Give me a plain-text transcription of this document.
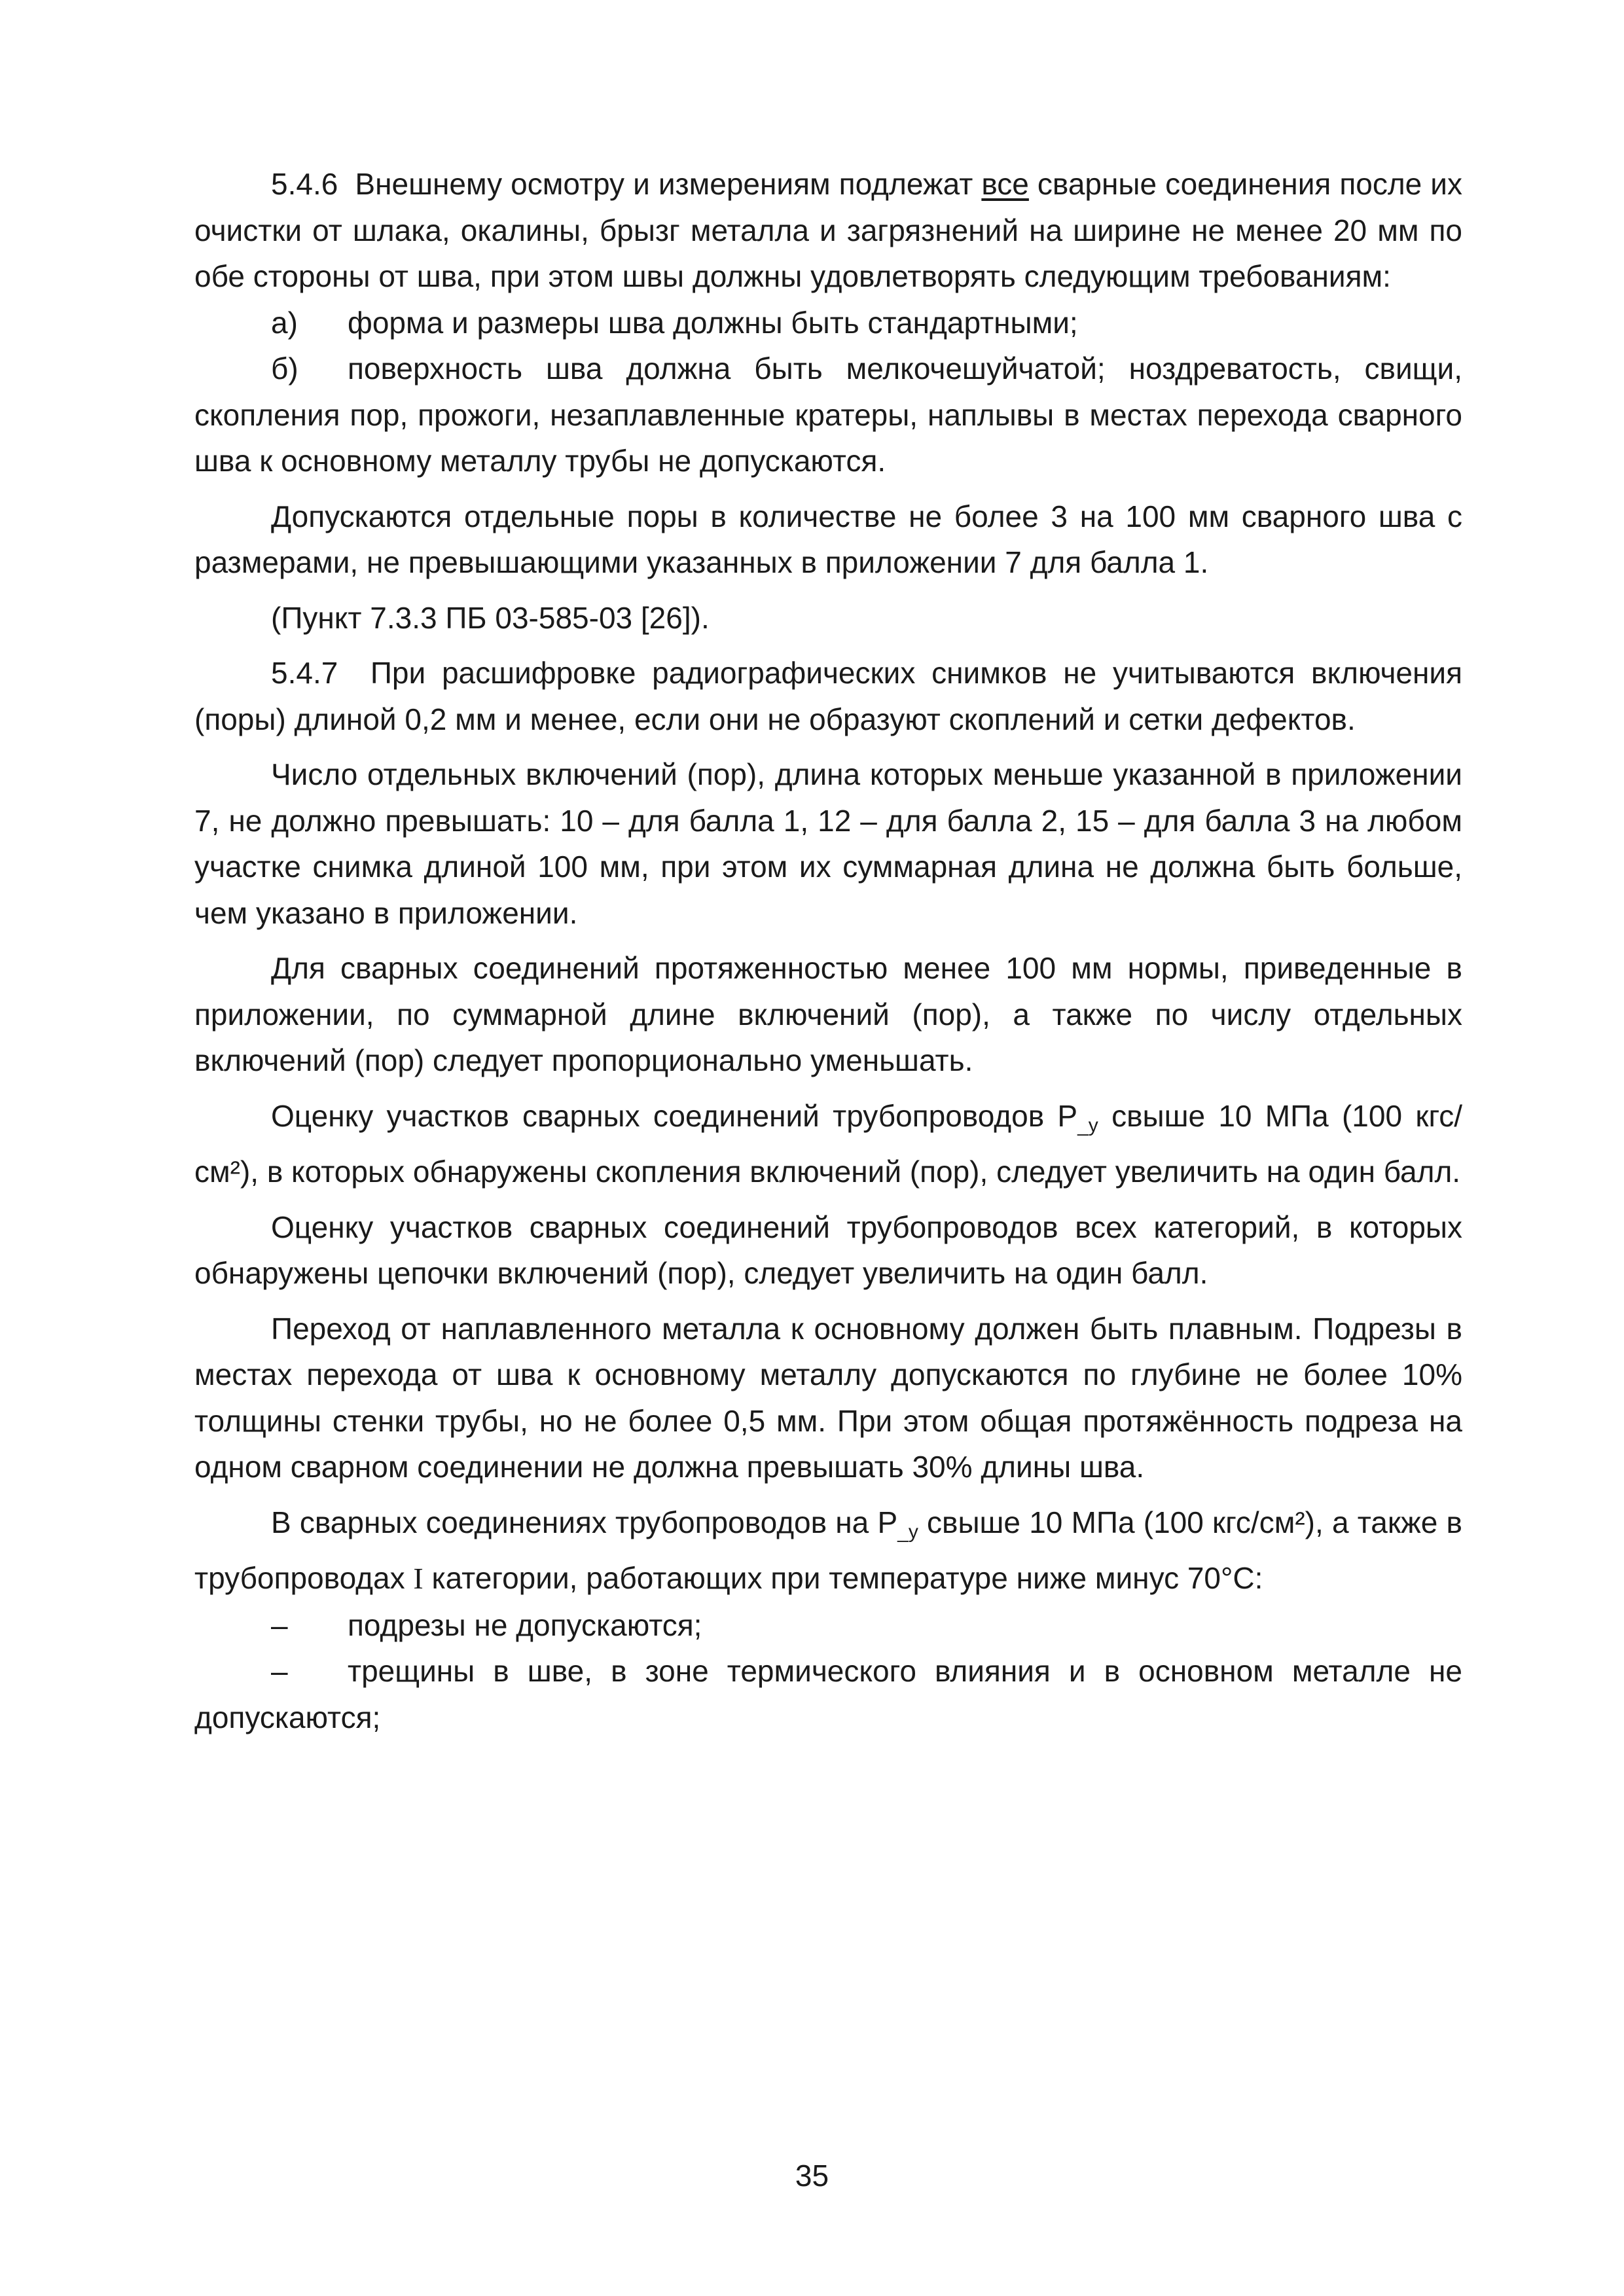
5.4.6 Внешнему осмотру и измерениям подлежат все сварные соединения после их очистки от шлака, окалины, брызг металла и загрязнений на ширине не менее 20 мм по обе стороны от шва, при этом швы должны удовлетворять следующим требованиям:

а) форма и размеры шва должны быть стандартными;

б) поверхность шва должна быть мелкочешуйчатой; ноздреватость, свищи, скопления пор, прожоги, незаплавленные кратеры, наплывы в местах перехода сварного шва к основному металлу трубы не допускаются.

Допускаются отдельные поры в количестве не более 3 на 100 мм сварного шва с размерами, не превышающими указанных в приложении 7 для балла 1.

(Пункт 7.3.3 ПБ 03-585-03 [26]).

5.4.7 При расшифровке радиографических снимков не учитываются включения (поры) длиной 0,2 мм и менее, если они не образуют скоплений и сетки дефектов.

Число отдельных включений (пор), длина которых меньше указанной в приложении 7, не должно превышать: 10 – для балла 1, 12 – для балла 2, 15 – для балла 3 на любом участке снимка длиной 100 мм, при этом их суммарная длина не должна быть больше, чем указано в приложении.

Для сварных соединений протяженностью менее 100 мм нормы, приведенные в приложении, по суммарной длине включений (пор), а также по числу отдельных включений (пор) следует пропорционально уменьшать.

Оценку участков сварных соединений трубопроводов $Р_{\_у}$ свыше 10 МПа (100 кгс/см²), в которых обнаружены скопления включений (пор), следует увеличить на один балл.

Оценку участков сварных соединений трубопроводов всех категорий, в которых обнаружены цепочки включений (пор), следует увеличить на один балл.

Переход от наплавленного металла к основному должен быть плавным. Подрезы в местах перехода от шва к основному металлу допускаются по глубине не более 10% толщины стенки трубы, но не более 0,5 мм. При этом общая протяжённость подреза на одном сварном соединении не должна превышать 30% длины шва.

В сварных соединениях трубопроводов на $Р_{\_у}$ свыше 10 МПа (100 кгс/см²), а также в трубопроводах I категории, работающих при температуре ниже минус 70°С:

– подрезы не допускаются;

– трещины в шве, в зоне термического влияния и в основном металле не допускаются;

35
